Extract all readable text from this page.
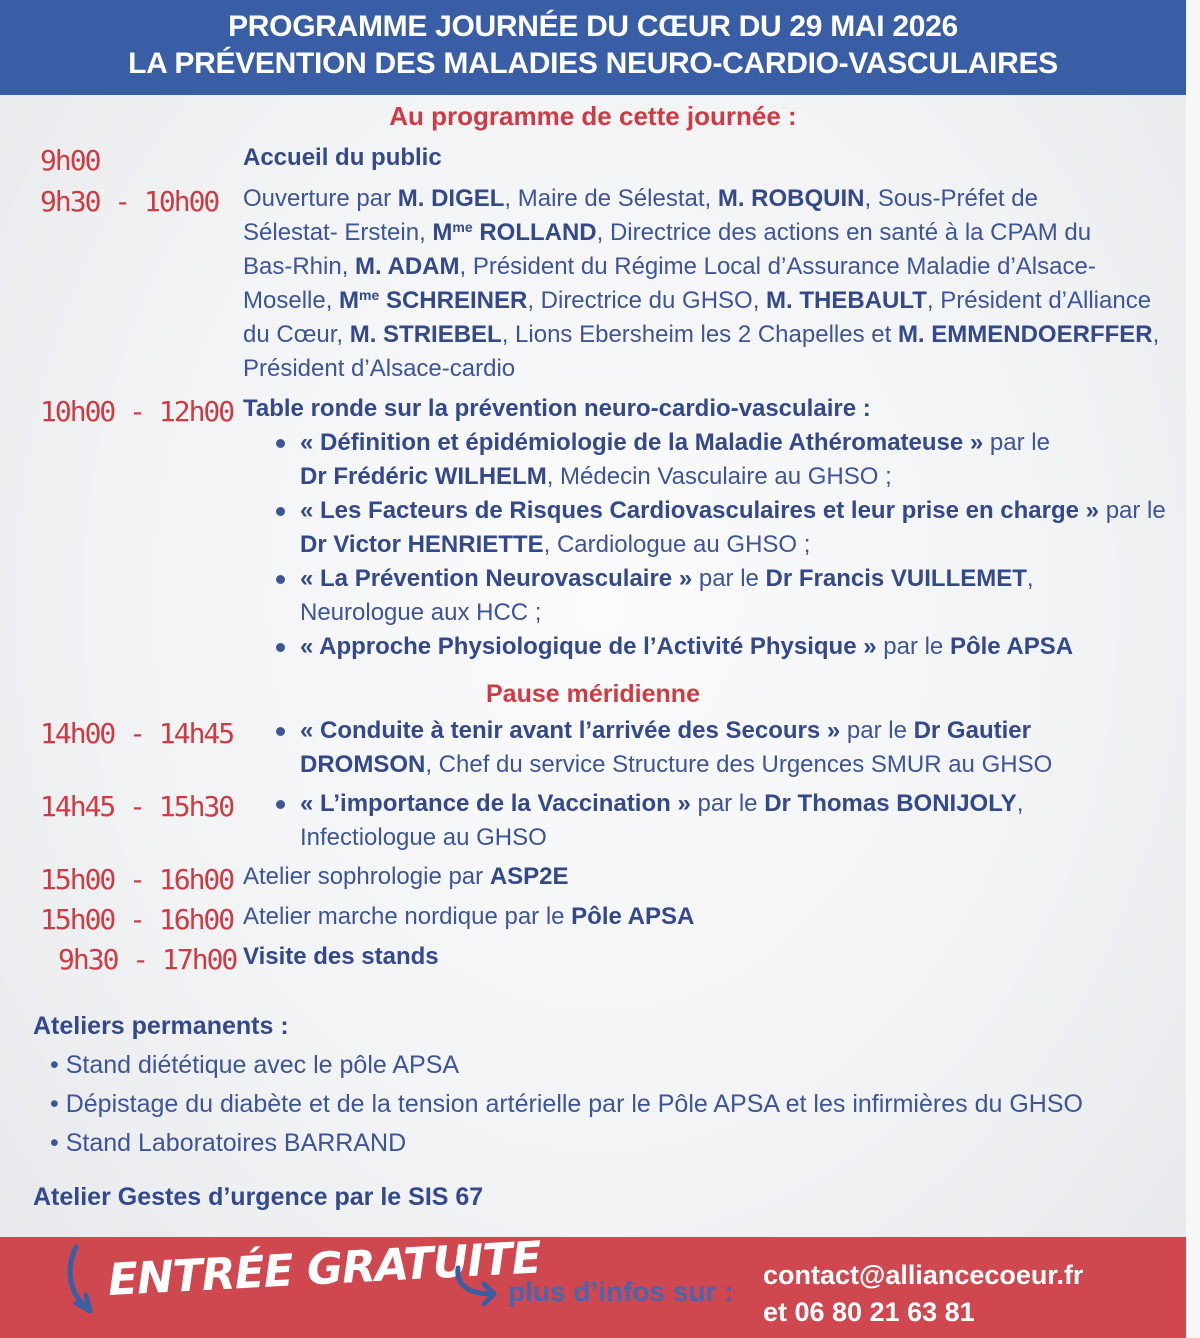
PROGRAMME JOURNÉE DU CŒUR DU 29 MAI 2026
LA PRÉVENTION DES MALADIES NEURO-CARDIO-VASCULAIRES
Au programme de cette journée :
9h00	Accueil du public
9h30 - 10h00 Ouverture par M. DIGEL, Maire de Sélestat, M. ROBQUIN, Sous-Préfet de
Sélestat- Erstein, $M^{me}$ ROLLAND, Directrice des actions en santé à la CPAM du
Bas-Rhin, M. ADAM, Président du Régime Local d’Assurance Maladie d’Alsace-
Moselle, $M^{me}$ SCHREINER, Directrice du GHSO, M. THEBAULT, Président d’Alliance
du Cœur, M. STRIEBEL, Lions Ebersheim les 2 Chapelles et M. EMMENDOERFFER,
Président d’Alsace-cardio
10h00 - 12h00 Table ronde sur la prévention neuro-cardio-vasculaire :
« Définition et épidémiologie de la Maladie Athéromateuse » par le
Dr Frédéric WILHELM, Médecin Vasculaire au GHSO ;
« Les Facteurs de Risques Cardiovasculaires et leur prise en charge » par le
Dr Victor HENRIETTE, Cardiologue au GHSO ;
« La Prévention Neurovasculaire » par le Dr Francis VUILLEMET,
Neurologue aux HCC ;
« Approche Physiologique de l’Activité Physique » par le Pôle APSA
Pause méridienne
14h00 - 14h45	« Conduite à tenir avant l’arrivée des Secours » par le Dr Gautier
DROMSON, Chef du service Structure des Urgences SMUR au GHSO
14h45 - 15h30	« L’importance de la Vaccination » par le Dr Thomas BONIJOLY,
Infectiologue au GHSO
15h00 - 16h00 Atelier sophrologie par ASP2E
15h00 - 16h00 Atelier marche nordique par le Pôle APSA
9h30 - 17h00 Visite des stands
Ateliers permanents :
• Stand diététique avec le pôle APSA
• Dépistage du diabète et de la tension artérielle par le Pôle APSA et les infirmières du GHSO
• Stand Laboratoires BARRAND
Atelier Gestes d’urgence par le SIS 67
ENTRÉE GRATUITE
plus d’infos sur :
contact@alliancecoeur.fr
et 06 80 21 63 81
